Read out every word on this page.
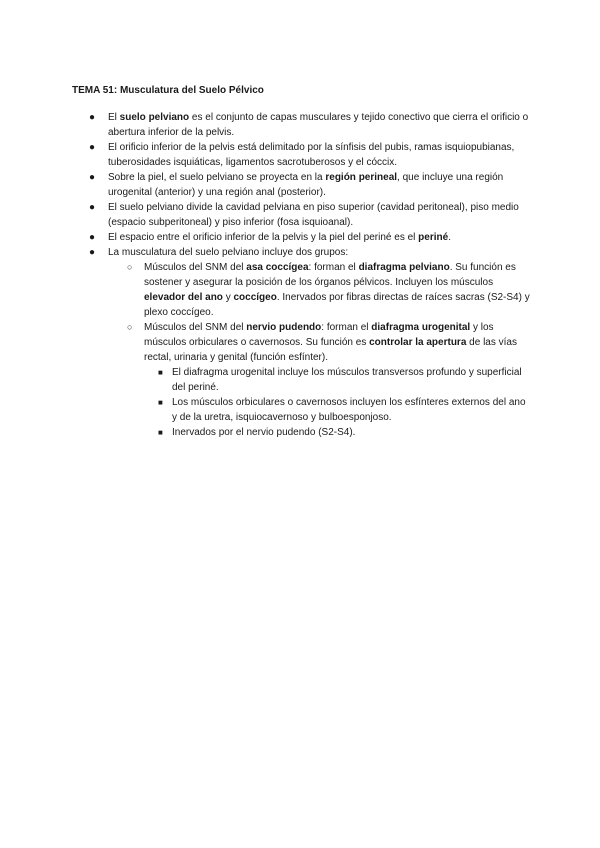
TEMA 51: Musculatura del Suelo Pélvico
● El suelo pelviano es el conjunto de capas musculares y tejido conectivo que cierra el orificio o abertura inferior de la pelvis.
● El orificio inferior de la pelvis está delimitado por la sínfisis del pubis, ramas isquiopubianas, tuberosidades isquiáticas, ligamentos sacrotuberosos y el cóccix.
● Sobre la piel, el suelo pelviano se proyecta en la región perineal, que incluye una región urogenital (anterior) y una región anal (posterior).
● El suelo pelviano divide la cavidad pelviana en piso superior (cavidad peritoneal), piso medio (espacio subperitoneal) y piso inferior (fosa isquioanal).
● El espacio entre el orificio inferior de la pelvis y la piel del periné es el periné.
● La musculatura del suelo pelviano incluye dos grupos:
○ Músculos del SNM del asa coccígea: forman el diafragma pelviano. Su función es sostener y asegurar la posición de los órganos pélvicos. Incluyen los músculos elevador del ano y coccígeo. Inervados por fibras directas de raíces sacras (S2-S4) y plexo coccígeo.
○ Músculos del SNM del nervio pudendo: forman el diafragma urogenital y los músculos orbiculares o cavernosos. Su función es controlar la apertura de las vías rectal, urinaria y genital (función esfínter).
■ El diafragma urogenital incluye los músculos transversos profundo y superficial del periné.
■ Los músculos orbiculares o cavernosos incluyen los esfínteres externos del ano y de la uretra, isquiocavernoso y bulboesponjoso.
■ Inervados por el nervio pudendo (S2-S4).
